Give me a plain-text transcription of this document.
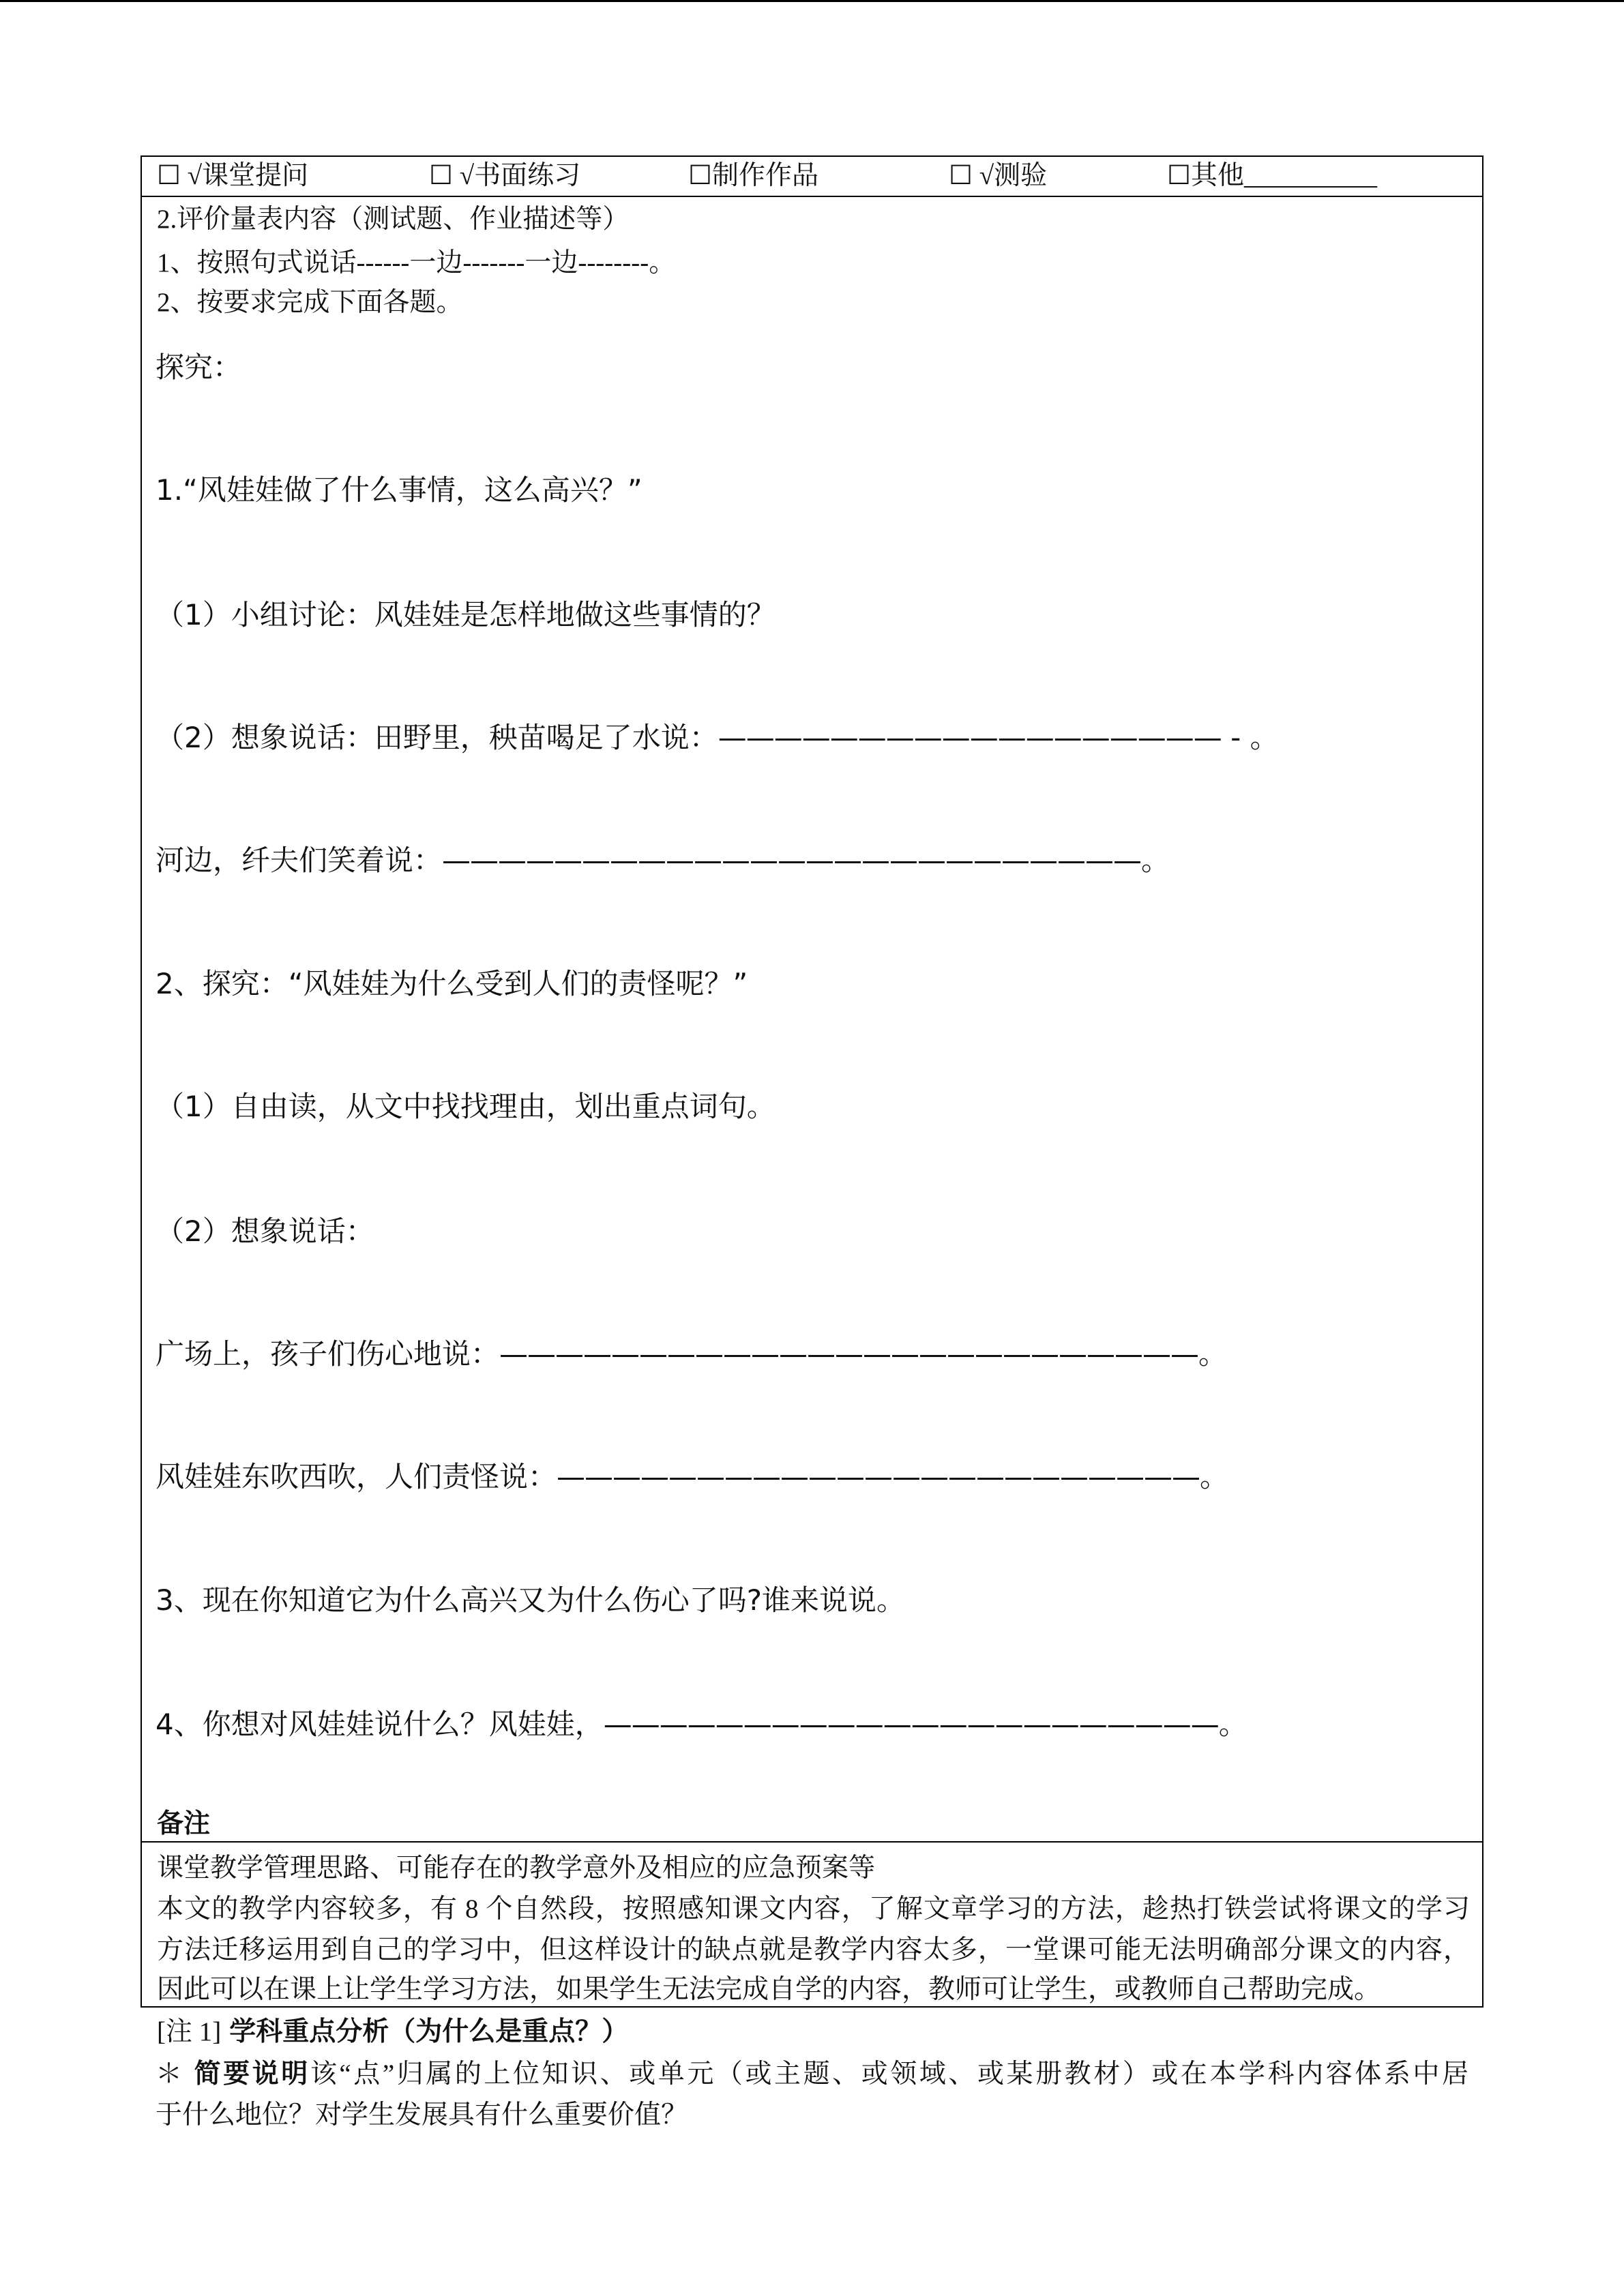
☐ √课堂提问	☐ √书面练习	☐制作作品	☐ √测验	☐其他__________
2.评价量表内容（测试题、作业描述等）
1、按照句式说话------一边-------一边--------。
2、按要求完成下面各题。
探究：
1.“风娃娃做了什么事情，这么高兴？”
（1）小组讨论：风娃娃是怎样地做这些事情的？
（2）想象说话：田野里，秧苗喝足了水说：—————————————————— - 。
河边，纤夫们笑着说：—————————————————————————。
2、探究：“风娃娃为什么受到人们的责怪呢？”
（1）自由读，从文中找找理由，划出重点词句。
（2）想象说话：
广场上，孩子们伤心地说：—————————————————————————。
风娃娃东吹西吹，人们责怪说：———————————————————————。
3、现在你知道它为什么高兴又为什么伤心了吗?谁来说说。
4、你想对风娃娃说什么？风娃娃，——————————————————————。
备注
课堂教学管理思路、可能存在的教学意外及相应的应急预案等
本文的教学内容较多，有 8 个自然段，按照感知课文内容，了解文章学习的方法，趁热打铁尝试将课文的学习
方法迁移运用到自己的学习中，但这样设计的缺点就是教学内容太多，一堂课可能无法明确部分课文的内容，
因此可以在课上让学生学习方法，如果学生无法完成自学的内容，教师可让学生，或教师自己帮助完成。
[注 1] 学科重点分析（为什么是重点？）
＊ 简要说明该“点”归属的上位知识、或单元（或主题、或领域、或某册教材）或在本学科内容体系中居
于什么地位？对学生发展具有什么重要价值？
